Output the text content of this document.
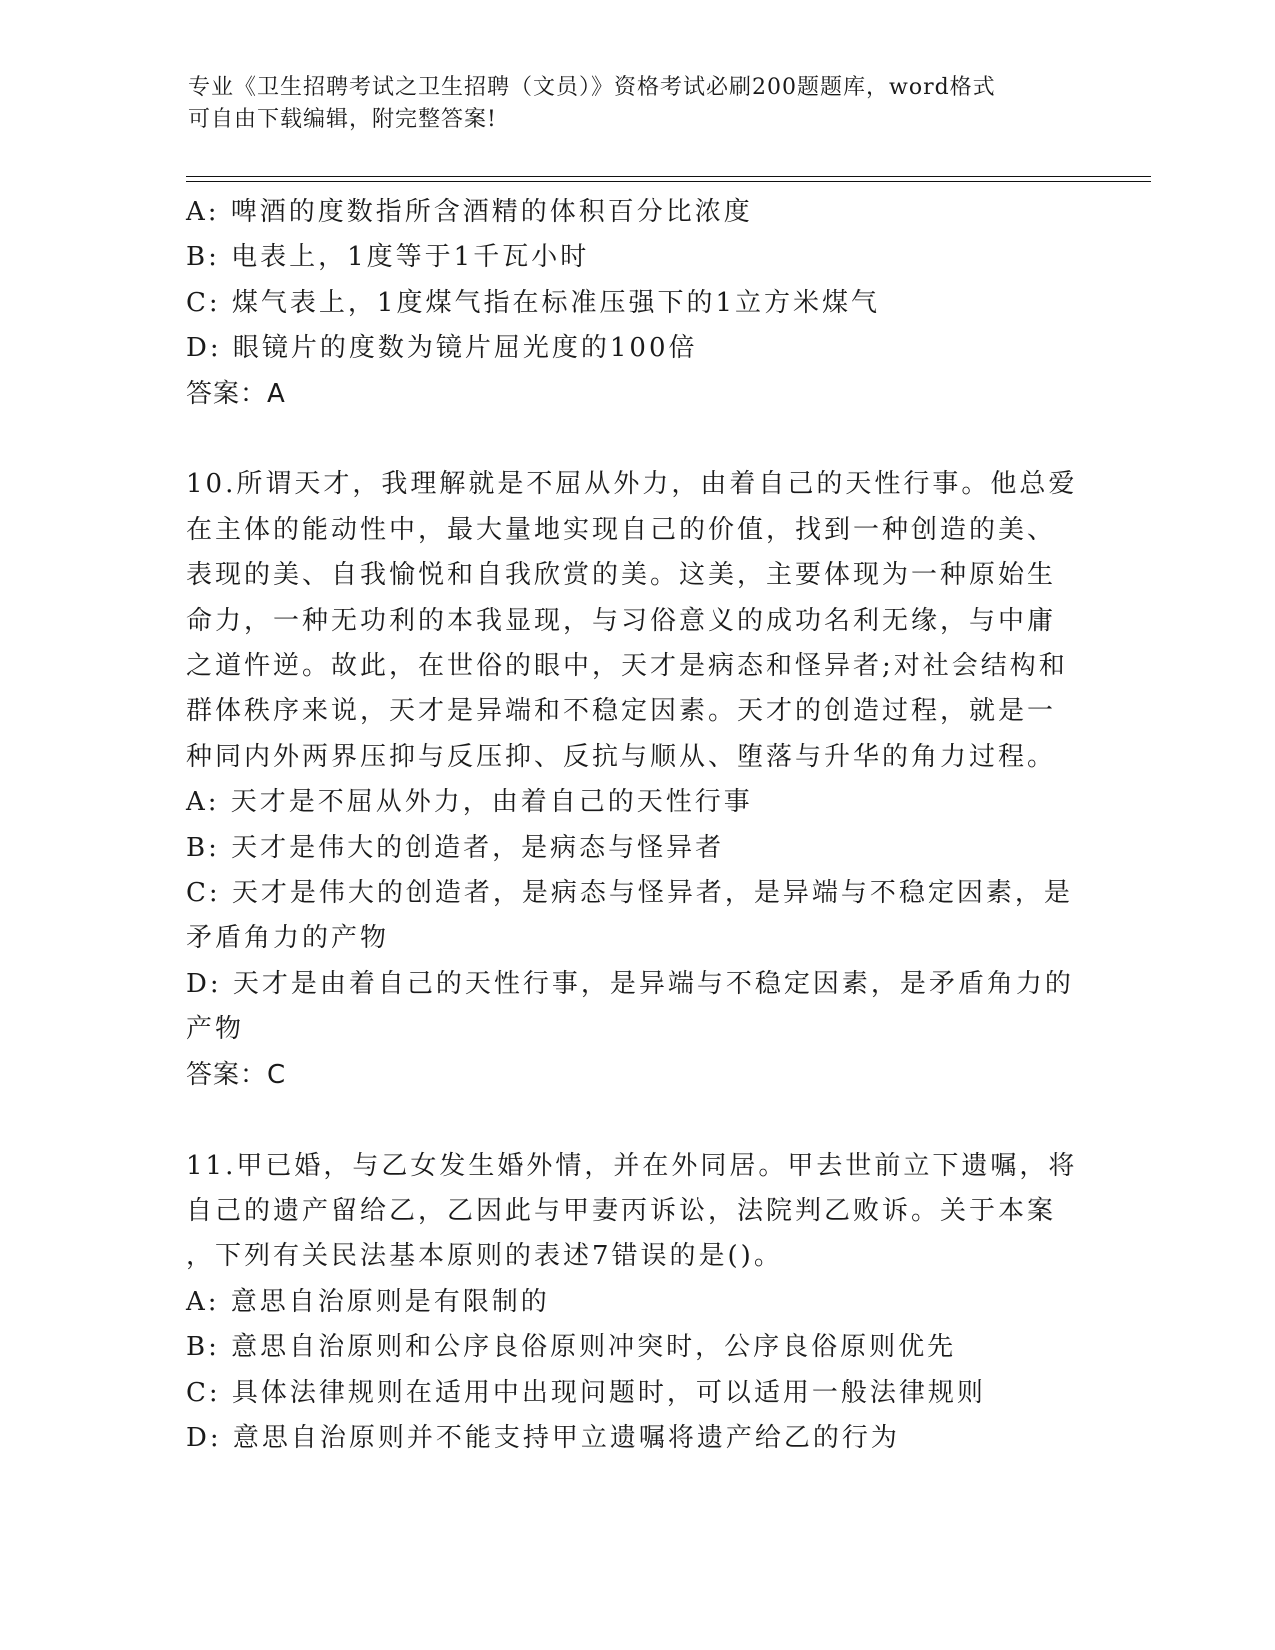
专业《卫生招聘考试之卫生招聘（文员）》资格考试必刷200题题库，word格式
可自由下载编辑，附完整答案!
A: 啤酒的度数指所含酒精的体积百分比浓度
B: 电表上，1度等于1千瓦小时
C: 煤气表上，1度煤气指在标准压强下的1立方米煤气
D: 眼镜片的度数为镜片屈光度的100倍
答案：A
10.所谓天才，我理解就是不屈从外力，由着自己的天性行事。他总爱
在主体的能动性中，最大量地实现自己的价值，找到一种创造的美、
表现的美、自我愉悦和自我欣赏的美。这美，主要体现为一种原始生
命力，一种无功利的本我显现，与习俗意义的成功名利无缘，与中庸
之道忤逆。故此，在世俗的眼中，天才是病态和怪异者;对社会结构和
群体秩序来说，天才是异端和不稳定因素。天才的创造过程，就是一
种同内外两界压抑与反压抑、反抗与顺从、堕落与升华的角力过程。
A: 天才是不屈从外力，由着自己的天性行事
B: 天才是伟大的创造者，是病态与怪异者
C: 天才是伟大的创造者，是病态与怪异者，是异端与不稳定因素，是
矛盾角力的产物
D: 天才是由着自己的天性行事，是异端与不稳定因素，是矛盾角力的
产物
答案：C
11.甲已婚，与乙女发生婚外情，并在外同居。甲去世前立下遗嘱，将
自己的遗产留给乙，乙因此与甲妻丙诉讼，法院判乙败诉。关于本案
，下列有关民法基本原则的表述7错误的是()。
A: 意思自治原则是有限制的
B: 意思自治原则和公序良俗原则冲突时，公序良俗原则优先
C: 具体法律规则在适用中出现问题时，可以适用一般法律规则
D: 意思自治原则并不能支持甲立遗嘱将遗产给乙的行为
